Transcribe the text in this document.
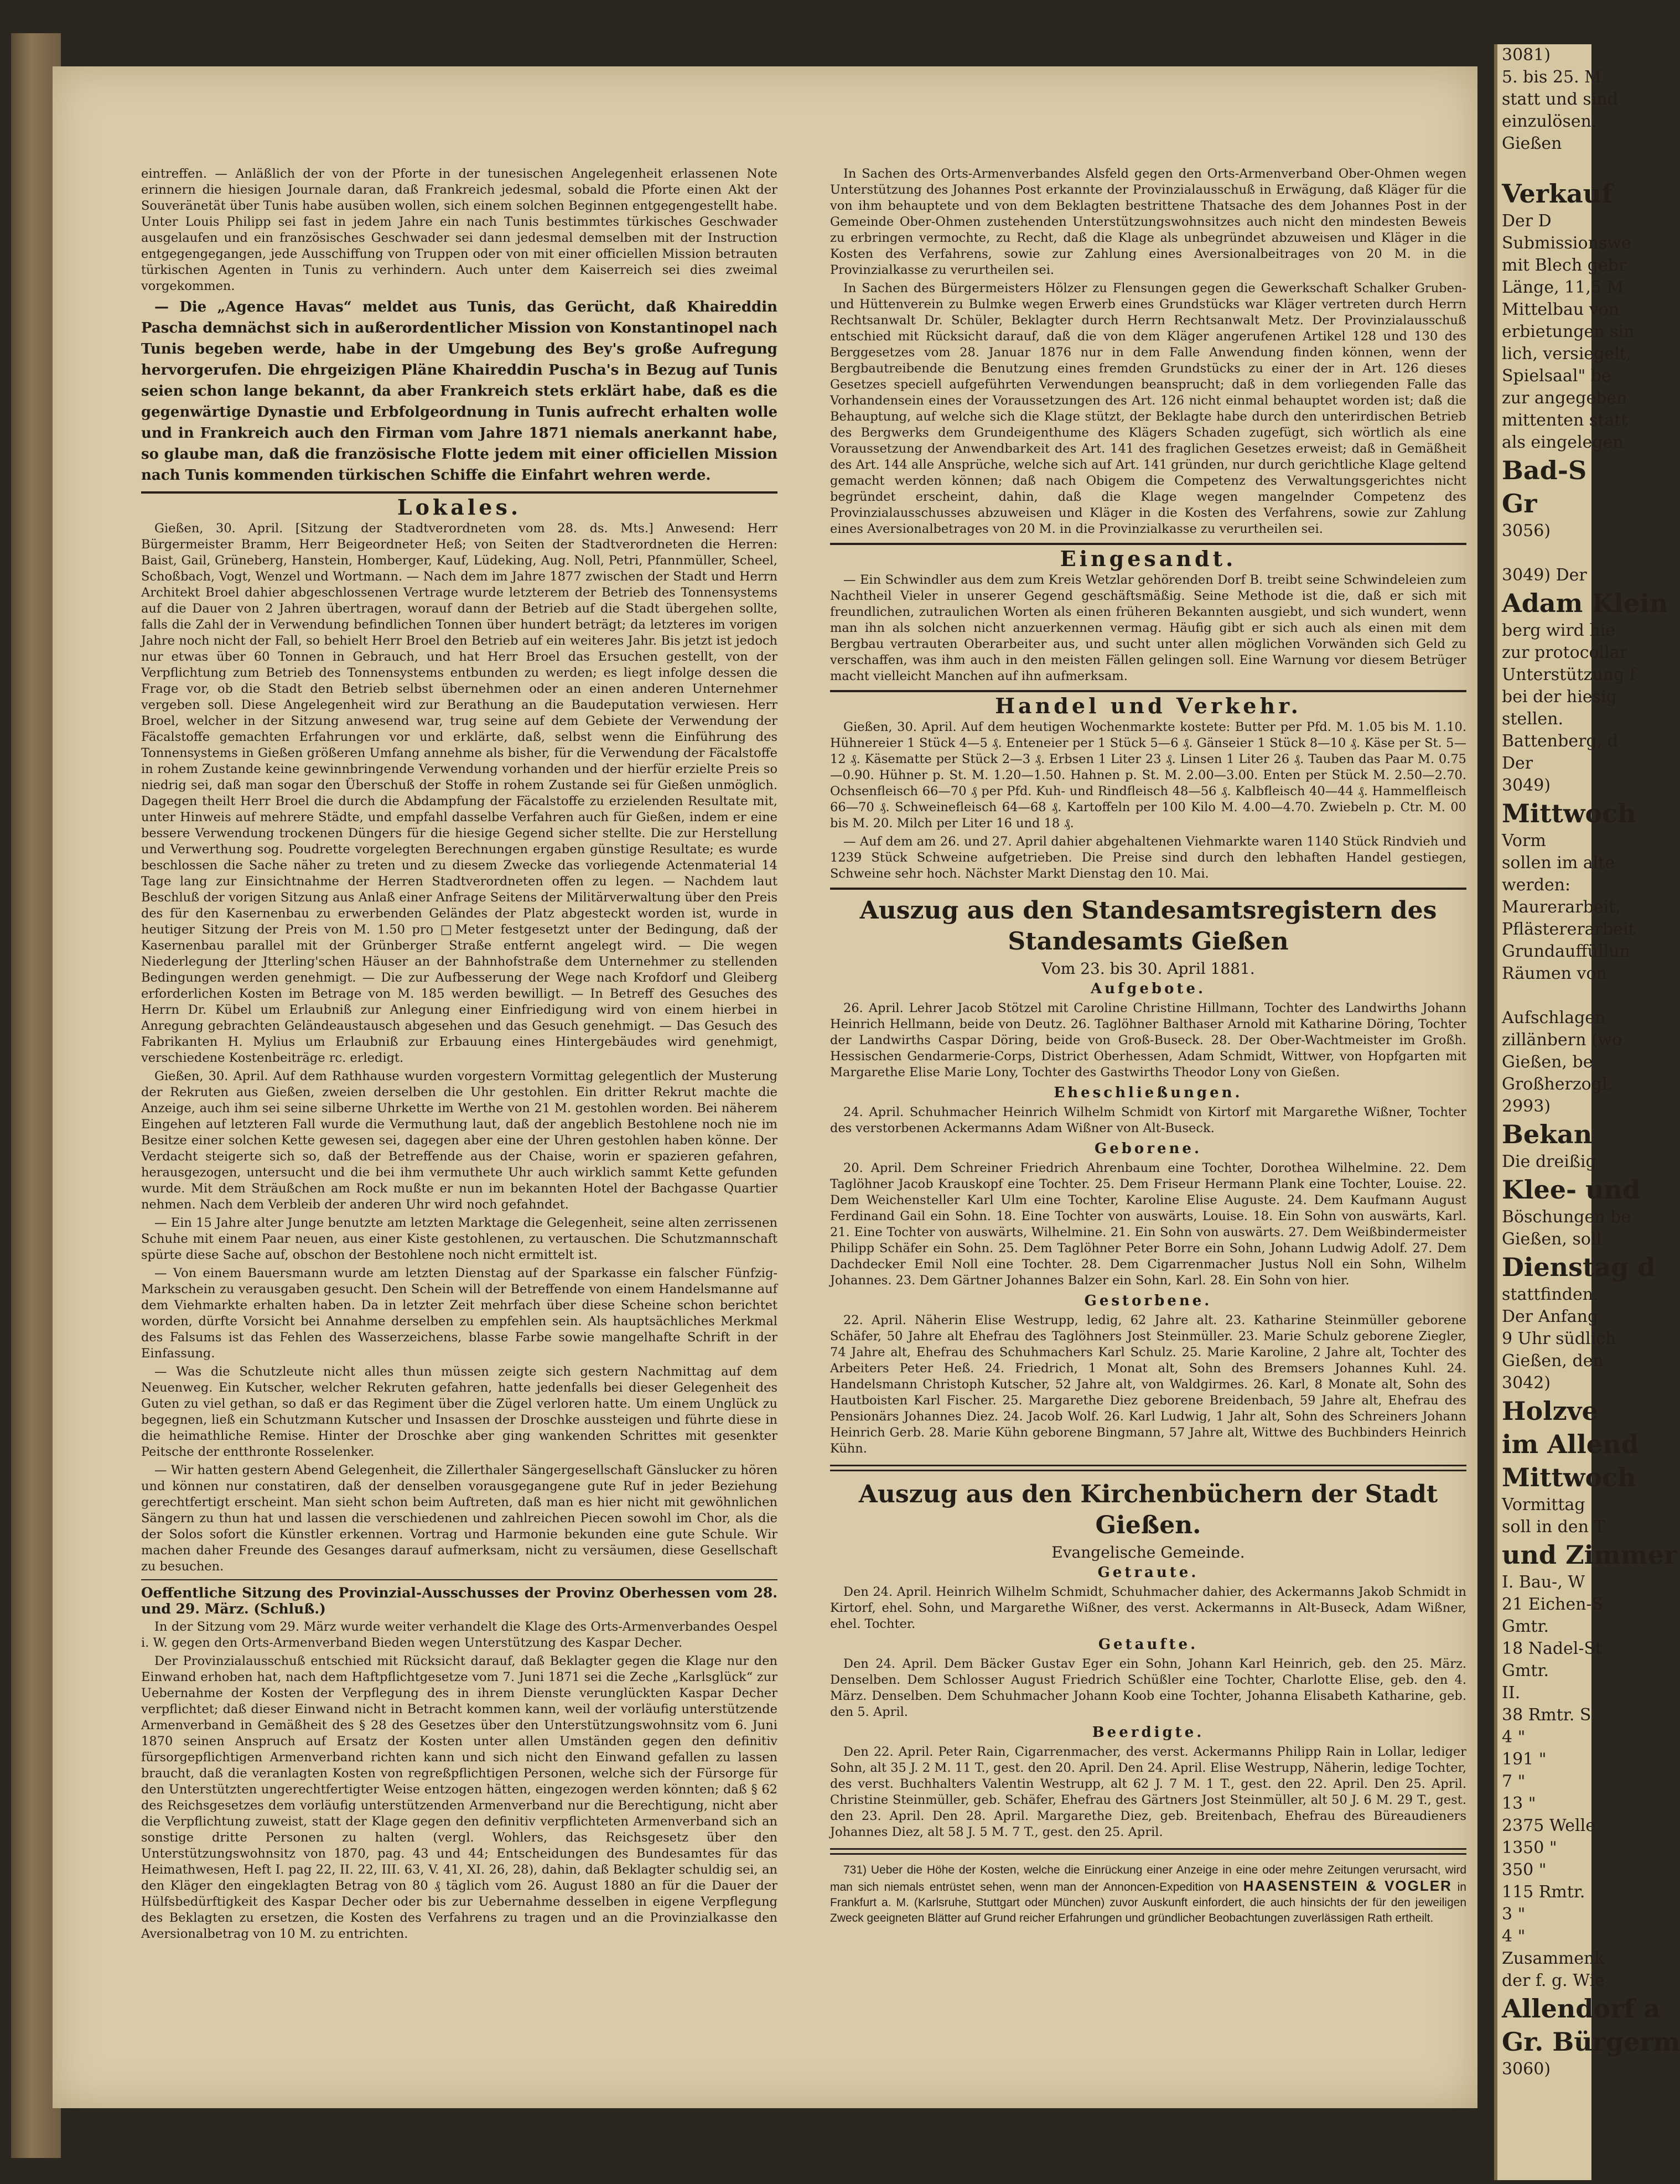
eintreffen. — Anläßlich der von der Pforte in der tunesischen Angelegenheit erlassenen Note erinnern die hiesigen Journale daran, daß Frankreich jedesmal, sobald die Pforte einen Akt der Souveränetät über Tunis habe ausüben wollen, sich einem solchen Beginnen entgegengestellt habe. Unter Louis Philipp sei fast in jedem Jahre ein nach Tunis bestimmtes türkisches Geschwader ausgelaufen und ein französisches Geschwader sei dann jedesmal demselben mit der Instruction entgegengegangen, jede Ausschiffung von Truppen oder von mit einer officiellen Mission betrauten türkischen Agenten in Tunis zu verhindern. Auch unter dem Kaiserreich sei dies zweimal vorgekommen.

— Die „Agence Havas“ meldet aus Tunis, das Gerücht, daß Khaireddin Pascha demnächst sich in außerordentlicher Mission von Konstantinopel nach Tunis begeben werde, habe in der Umgebung des Bey's große Aufregung hervorgerufen. Die ehrgeizigen Pläne Khaireddin Puscha's in Bezug auf Tunis seien schon lange bekannt, da aber Frankreich stets erklärt habe, daß es die gegenwärtige Dynastie und Erbfolgeordnung in Tunis aufrecht erhalten wolle und in Frankreich auch den Firman vom Jahre 1871 niemals anerkannt habe, so glaube man, daß die französische Flotte jedem mit einer officiellen Mission nach Tunis kommenden türkischen Schiffe die Einfahrt wehren werde.

Lokales.

Gießen, 30. April. [Sitzung der Stadtverordneten vom 28. ds. Mts.] Anwesend: Herr Bürgermeister Bramm, Herr Beigeordneter Heß; von Seiten der Stadtverordneten die Herren: Baist, Gail, Grüneberg, Hanstein, Homberger, Kauf, Lüdeking, Aug. Noll, Petri, Pfannmüller, Scheel, Schoßbach, Vogt, Wenzel und Wortmann. — Nach dem im Jahre 1877 zwischen der Stadt und Herrn Architekt Broel dahier abgeschlossenen Vertrage wurde letzterem der Betrieb des Tonnensystems auf die Dauer von 2 Jahren übertragen, worauf dann der Betrieb auf die Stadt übergehen sollte, falls die Zahl der in Verwendung befindlichen Tonnen über hundert beträgt; da letzteres im vorigen Jahre noch nicht der Fall, so behielt Herr Broel den Betrieb auf ein weiteres Jahr. Bis jetzt ist jedoch nur etwas über 60 Tonnen in Gebrauch, und hat Herr Broel das Ersuchen gestellt, von der Verpflichtung zum Betrieb des Tonnensystems entbunden zu werden; es liegt infolge dessen die Frage vor, ob die Stadt den Betrieb selbst übernehmen oder an einen anderen Unternehmer vergeben soll. Diese Angelegenheit wird zur Berathung an die Baudeputation verwiesen. Herr Broel, welcher in der Sitzung anwesend war, trug seine auf dem Gebiete der Verwendung der Fäcalstoffe gemachten Erfahrungen vor und erklärte, daß, selbst wenn die Einführung des Tonnensystems in Gießen größeren Umfang annehme als bisher, für die Verwendung der Fäcalstoffe in rohem Zustande keine gewinnbringende Verwendung vorhanden und der hierfür erzielte Preis so niedrig sei, daß man sogar den Überschuß der Stoffe in rohem Zustande sei für Gießen unmöglich. Dagegen theilt Herr Broel die durch die Abdampfung der Fäcalstoffe zu erzielenden Resultate mit, unter Hinweis auf mehrere Städte, und empfahl dasselbe Verfahren auch für Gießen, indem er eine bessere Verwendung trockenen Düngers für die hiesige Gegend sicher stellte. Die zur Herstellung und Verwerthung sog. Poudrette vorgelegten Berechnungen ergaben günstige Resultate; es wurde beschlossen die Sache näher zu treten und zu diesem Zwecke das vorliegende Actenmaterial 14 Tage lang zur Einsichtnahme der Herren Stadtverordneten offen zu legen. — Nachdem laut Beschluß der vorigen Sitzung aus Anlaß einer Anfrage Seitens der Militärverwaltung über den Preis des für den Kasernenbau zu erwerbenden Geländes der Platz abgesteckt worden ist, wurde in heutiger Sitzung der Preis von M. 1.50 pro □Meter festgesetzt unter der Bedingung, daß der Kasernenbau parallel mit der Grünberger Straße entfernt angelegt wird. — Die wegen Niederlegung der Jtterling'schen Häuser an der Bahnhofstraße dem Unternehmer zu stellenden Bedingungen werden genehmigt. — Die zur Aufbesserung der Wege nach Krofdorf und Gleiberg erforderlichen Kosten im Betrage von M. 185 werden bewilligt. — In Betreff des Gesuches des Herrn Dr. Kübel um Erlaubniß zur Anlegung einer Einfriedigung wird von einem hierbei in Anregung gebrachten Geländeaustausch abgesehen und das Gesuch genehmigt. — Das Gesuch des Fabrikanten H. Mylius um Erlaubniß zur Erbauung eines Hintergebäudes wird genehmigt, verschiedene Kostenbeiträge rc. erledigt.

Gießen, 30. April. Auf dem Rathhause wurden vorgestern Vormittag gelegentlich der Musterung der Rekruten aus Gießen, zweien derselben die Uhr gestohlen. Ein dritter Rekrut machte die Anzeige, auch ihm sei seine silberne Uhrkette im Werthe von 21 M. gestohlen worden. Bei näherem Eingehen auf letzteren Fall wurde die Vermuthung laut, daß der angeblich Bestohlene noch nie im Besitze einer solchen Kette gewesen sei, dagegen aber eine der Uhren gestohlen haben könne. Der Verdacht steigerte sich so, daß der Betreffende aus der Chaise, worin er spazieren gefahren, herausgezogen, untersucht und die bei ihm vermuthete Uhr auch wirklich sammt Kette gefunden wurde. Mit dem Sträußchen am Rock mußte er nun im bekannten Hotel der Bachgasse Quartier nehmen. Nach dem Verbleib der anderen Uhr wird noch gefahndet.

— Ein 15 Jahre alter Junge benutzte am letzten Marktage die Gelegenheit, seine alten zerrissenen Schuhe mit einem Paar neuen, aus einer Kiste gestohlenen, zu vertauschen. Die Schutzmannschaft spürte diese Sache auf, obschon der Bestohlene noch nicht ermittelt ist.

— Von einem Bauersmann wurde am letzten Dienstag auf der Sparkasse ein falscher Fünfzig-Markschein zu verausgaben gesucht. Den Schein will der Betreffende von einem Handelsmanne auf dem Viehmarkte erhalten haben. Da in letzter Zeit mehrfach über diese Scheine schon berichtet worden, dürfte Vorsicht bei Annahme derselben zu empfehlen sein. Als hauptsächliches Merkmal des Falsums ist das Fehlen des Wasserzeichens, blasse Farbe sowie mangelhafte Schrift in der Einfassung.

— Was die Schutzleute nicht alles thun müssen zeigte sich gestern Nachmittag auf dem Neuenweg. Ein Kutscher, welcher Rekruten gefahren, hatte jedenfalls bei dieser Gelegenheit des Guten zu viel gethan, so daß er das Regiment über die Zügel verloren hatte. Um einem Unglück zu begegnen, ließ ein Schutzmann Kutscher und Insassen der Droschke aussteigen und führte diese in die heimathliche Remise. Hinter der Droschke aber ging wankenden Schrittes mit gesenkter Peitsche der entthronte Rosselenker.

— Wir hatten gestern Abend Gelegenheit, die Zillerthaler Sängergesellschaft Gänslucker zu hören und können nur constatiren, daß der denselben vorausgegangene gute Ruf in jeder Beziehung gerechtfertigt erscheint. Man sieht schon beim Auftreten, daß man es hier nicht mit gewöhnlichen Sängern zu thun hat und lassen die verschiedenen und zahlreichen Piecen sowohl im Chor, als die der Solos sofort die Künstler erkennen. Vortrag und Harmonie bekunden eine gute Schule. Wir machen daher Freunde des Gesanges darauf aufmerksam, nicht zu versäumen, diese Gesellschaft zu besuchen.

Oeffentliche Sitzung des Provinzial-Ausschusses der Provinz Oberhessen vom 28. und 29. März. (Schluß.)

In der Sitzung vom 29. März wurde weiter verhandelt die Klage des Orts-Armenverbandes Oespel i. W. gegen den Orts-Armenverband Bieden wegen Unterstützung des Kaspar Decher.

Der Provinzialausschuß entschied mit Rücksicht darauf, daß Beklagter gegen die Klage nur den Einwand erhoben hat, nach dem Haftpflichtgesetze vom 7. Juni 1871 sei die Zeche „Karlsglück“ zur Uebernahme der Kosten der Verpflegung des in ihrem Dienste verunglückten Kaspar Decher verpflichtet; daß dieser Einwand nicht in Betracht kommen kann, weil der vorläufig unterstützende Armenverband in Gemäßheit des § 28 des Gesetzes über den Unterstützungswohnsitz vom 6. Juni 1870 seinen Anspruch auf Ersatz der Kosten unter allen Umständen gegen den definitiv fürsorgepflichtigen Armenverband richten kann und sich nicht den Einwand gefallen zu lassen braucht, daß die veranlagten Kosten von regreßpflichtigen Personen, welche sich der Fürsorge für den Unterstützten ungerechtfertigter Weise entzogen hätten, eingezogen werden könnten; daß § 62 des Reichsgesetzes dem vorläufig unterstützenden Armenverband nur die Berechtigung, nicht aber die Verpflichtung zuweist, statt der Klage gegen den definitiv verpflichteten Armenverband sich an sonstige dritte Personen zu halten (vergl. Wohlers, das Reichsgesetz über den Unterstützungswohnsitz von 1870, pag. 43 und 44; Entscheidungen des Bundesamtes für das Heimathwesen, Heft I. pag 22, II. 22, III. 63, V. 41, XI. 26, 28), dahin, daß Beklagter schuldig sei, an den Kläger den eingeklagten Betrag von 80 ₰ täglich vom 26. August 1880 an für die Dauer der Hülfsbedürftigkeit des Kaspar Decher oder bis zur Uebernahme desselben in eigene Verpflegung des Beklagten zu ersetzen, die Kosten des Verfahrens zu tragen und an die Provinzialkasse den Aversionalbetrag von 10 M. zu entrichten.

In Sachen des Orts-Armenverbandes Alsfeld gegen den Orts-Armenverband Ober-Ohmen wegen Unterstützung des Johannes Post erkannte der Provinzialausschuß in Erwägung, daß Kläger für die von ihm behauptete und von dem Beklagten bestrittene Thatsache des dem Johannes Post in der Gemeinde Ober-Ohmen zustehenden Unterstützungswohnsitzes auch nicht den mindesten Beweis zu erbringen vermochte, zu Recht, daß die Klage als unbegründet abzuweisen und Kläger in die Kosten des Verfahrens, sowie zur Zahlung eines Aversionalbeitrages von 20 M. in die Provinzialkasse zu verurtheilen sei.

In Sachen des Bürgermeisters Hölzer zu Flensungen gegen die Gewerkschaft Schalker Gruben- und Hüttenverein zu Bulmke wegen Erwerb eines Grundstücks war Kläger vertreten durch Herrn Rechtsanwalt Dr. Schüler, Beklagter durch Herrn Rechtsanwalt Metz. Der Provinzialausschuß entschied mit Rücksicht darauf, daß die von dem Kläger angerufenen Artikel 128 und 130 des Berggesetzes vom 28. Januar 1876 nur in dem Falle Anwendung finden können, wenn der Bergbautreibende die Benutzung eines fremden Grundstücks zu einer der in Art. 126 dieses Gesetzes speciell aufgeführten Verwendungen beansprucht; daß in dem vorliegenden Falle das Vorhandensein eines der Voraussetzungen des Art. 126 nicht einmal behauptet worden ist; daß die Behauptung, auf welche sich die Klage stützt, der Beklagte habe durch den unterirdischen Betrieb des Bergwerks dem Grundeigenthume des Klägers Schaden zugefügt, sich wörtlich als eine Voraussetzung der Anwendbarkeit des Art. 141 des fraglichen Gesetzes erweist; daß in Gemäßheit des Art. 144 alle Ansprüche, welche sich auf Art. 141 gründen, nur durch gerichtliche Klage geltend gemacht werden können; daß nach Obigem die Competenz des Verwaltungsgerichtes nicht begründet erscheint, dahin, daß die Klage wegen mangelnder Competenz des Provinzialausschusses abzuweisen und Kläger in die Kosten des Verfahrens, sowie zur Zahlung eines Aversionalbetrages von 20 M. in die Provinzialkasse zu verurtheilen sei.

Eingesandt.

— Ein Schwindler aus dem zum Kreis Wetzlar gehörenden Dorf B. treibt seine Schwindeleien zum Nachtheil Vieler in unserer Gegend geschäftsmäßig. Seine Methode ist die, daß er sich mit freundlichen, zutraulichen Worten als einen früheren Bekannten ausgiebt, und sich wundert, wenn man ihn als solchen nicht anzuerkennen vermag. Häufig gibt er sich auch als einen mit dem Bergbau vertrauten Oberarbeiter aus, und sucht unter allen möglichen Vorwänden sich Geld zu verschaffen, was ihm auch in den meisten Fällen gelingen soll. Eine Warnung vor diesem Betrüger macht vielleicht Manchen auf ihn aufmerksam.

Handel und Verkehr.

Gießen, 30. April. Auf dem heutigen Wochenmarkte kostete: Butter per Pfd. M. 1.05 bis M. 1.10. Hühnereier 1 Stück 4—5 ₰. Enteneier per 1 Stück 5—6 ₰. Gänseier 1 Stück 8—10 ₰. Käse per St. 5—12 ₰. Käsematte per Stück 2—3 ₰. Erbsen 1 Liter 23 ₰. Linsen 1 Liter 26 ₰. Tauben das Paar M. 0.75—0.90. Hühner p. St. M. 1.20—1.50. Hahnen p. St. M. 2.00—3.00. Enten per Stück M. 2.50—2.70. Ochsenfleisch 66—70 ₰ per Pfd. Kuh- und Rindfleisch 48—56 ₰. Kalbfleisch 40—44 ₰. Hammelfleisch 66—70 ₰. Schweinefleisch 64—68 ₰. Kartoffeln per 100 Kilo M. 4.00—4.70. Zwiebeln p. Ctr. M. 00 bis M. 20. Milch per Liter 16 und 18 ₰.

— Auf dem am 26. und 27. April dahier abgehaltenen Viehmarkte waren 1140 Stück Rindvieh und 1239 Stück Schweine aufgetrieben. Die Preise sind durch den lebhaften Handel gestiegen, Schweine sehr hoch. Nächster Markt Dienstag den 10. Mai.

Auszug aus den Standesamtsregistern des Standesamts Gießen
Vom 23. bis 30. April 1881.
Aufgebote.

26. April. Lehrer Jacob Stötzel mit Caroline Christine Hillmann, Tochter des Landwirths Johann Heinrich Hellmann, beide von Deutz. 26. Taglöhner Balthaser Arnold mit Katharine Döring, Tochter der Landwirths Caspar Döring, beide von Groß-Buseck. 28. Der Ober-Wachtmeister im Großh. Hessischen Gendarmerie-Corps, District Oberhessen, Adam Schmidt, Wittwer, von Hopfgarten mit Margarethe Elise Marie Lony, Tochter des Gastwirths Theodor Lony von Gießen.

Eheschließungen.

24. April. Schuhmacher Heinrich Wilhelm Schmidt von Kirtorf mit Margarethe Wißner, Tochter des verstorbenen Ackermanns Adam Wißner von Alt-Buseck.

Geborene.

20. April. Dem Schreiner Friedrich Ahrenbaum eine Tochter, Dorothea Wilhelmine. 22. Dem Taglöhner Jacob Krauskopf eine Tochter. 25. Dem Friseur Hermann Plank eine Tochter, Louise. 22. Dem Weichensteller Karl Ulm eine Tochter, Karoline Elise Auguste. 24. Dem Kaufmann August Ferdinand Gail ein Sohn. 18. Eine Tochter von auswärts, Louise. 18. Ein Sohn von auswärts, Karl. 21. Eine Tochter von auswärts, Wilhelmine. 21. Ein Sohn von auswärts. 27. Dem Weißbindermeister Philipp Schäfer ein Sohn. 25. Dem Taglöhner Peter Borre ein Sohn, Johann Ludwig Adolf. 27. Dem Dachdecker Emil Noll eine Tochter. 28. Dem Cigarrenmacher Justus Noll ein Sohn, Wilhelm Johannes. 23. Dem Gärtner Johannes Balzer ein Sohn, Karl. 28. Ein Sohn von hier.

Gestorbene.

22. April. Näherin Elise Westrupp, ledig, 62 Jahre alt. 23. Katharine Steinmüller geborene Schäfer, 50 Jahre alt Ehefrau des Taglöhners Jost Steinmüller. 23. Marie Schulz geborene Ziegler, 74 Jahre alt, Ehefrau des Schuhmachers Karl Schulz. 25. Marie Karoline, 2 Jahre alt, Tochter des Arbeiters Peter Heß. 24. Friedrich, 1 Monat alt, Sohn des Bremsers Johannes Kuhl. 24. Handelsmann Christoph Kutscher, 52 Jahre alt, von Waldgirmes. 26. Karl, 8 Monate alt, Sohn des Hautboisten Karl Fischer. 25. Margarethe Diez geborene Breidenbach, 59 Jahre alt, Ehefrau des Pensionärs Johannes Diez. 24. Jacob Wolf. 26. Karl Ludwig, 1 Jahr alt, Sohn des Schreiners Johann Heinrich Gerb. 28. Marie Kühn geborene Bingmann, 57 Jahre alt, Wittwe des Buchbinders Heinrich Kühn.

Auszug aus den Kirchenbüchern der Stadt Gießen.
Evangelische Gemeinde.
Getraute.

Den 24. April. Heinrich Wilhelm Schmidt, Schuhmacher dahier, des Ackermanns Jakob Schmidt in Kirtorf, ehel. Sohn, und Margarethe Wißner, des verst. Ackermanns in Alt-Buseck, Adam Wißner, ehel. Tochter.

Getaufte.

Den 24. April. Dem Bäcker Gustav Eger ein Sohn, Johann Karl Heinrich, geb. den 25. März. Denselben. Dem Schlosser August Friedrich Schüßler eine Tochter, Charlotte Elise, geb. den 4. März. Denselben. Dem Schuhmacher Johann Koob eine Tochter, Johanna Elisabeth Katharine, geb. den 5. April.

Beerdigte.

Den 22. April. Peter Rain, Cigarrenmacher, des verst. Ackermanns Philipp Rain in Lollar, lediger Sohn, alt 35 J. 2 M. 11 T., gest. den 20. April. Den 24. April. Elise Westrupp, Näherin, ledige Tochter, des verst. Buchhalters Valentin Westrupp, alt 62 J. 7 M. 1 T., gest. den 22. April. Den 25. April. Christine Steinmüller, geb. Schäfer, Ehefrau des Gärtners Jost Steinmüller, alt 50 J. 6 M. 29 T., gest. den 23. April. Den 28. April. Margarethe Diez, geb. Breitenbach, Ehefrau des Büreaudieners Johannes Diez, alt 58 J. 5 M. 7 T., gest. den 25. April.

731) Ueber die Höhe der Kosten, welche die Einrückung einer Anzeige in eine oder mehre Zeitungen verursacht, wird man sich niemals entrüstet sehen, wenn man der Annoncen-Expedition von HAASENSTEIN & VOGLER in Frankfurt a. M. (Karlsruhe, Stuttgart oder München) zuvor Auskunft einfordert, die auch hinsichts der für den jeweiligen Zweck geeigneten Blätter auf Grund reicher Erfahrungen und gründlicher Beobachtungen zuverlässigen Rath ertheilt.

3081)
5. bis 25. M
statt und sind
einzulösen.
Gießen

Verkauf
Der D
Submissionswe
mit Blech gebr
Länge, 11,5 M
Mittelbau von
erbietungen sin
lich, versiegelt,
Spielsaal" be
zur angegeben
mittenten statt
als eingelegen
Bad-S
Gr
3056)

3049) Der
Adam Klein
berg wird hie
zur protocollar
Unterstützung f
bei der hiesig
stellen.
Battenberg, d
Der
3049)
Mittwoch
Vorm
sollen im alte
werden:
Maurerarbeit,
Pflästererarbeit
Grundauffüllun
Räumen von

Aufschlagen
zillänbern (wo
Gießen, be
Großherzogl.
2993)
Bekan
Die dreißig
Klee- und
Böschungen be
Gießen, soll
Dienstag d
stattfinden.
Der Anfang
9 Uhr südlich
Gießen, den
3042)
Holzve
im Allend
Mittwoch
Vormittag
soll in den T
und Zimmer
I. Bau-, W
21 Eichen-S
Gmtr.
18 Nadel-St
Gmtr.
II.
38 Rmtr. S
4 "
191 "
7 "
13 "
2375 Welle
1350 "
350 "
115 Rmtr.
3 "
4 "
Zusammenk
der f. g. Wie
Allendorf a
Gr. Bürgerm
3060)
